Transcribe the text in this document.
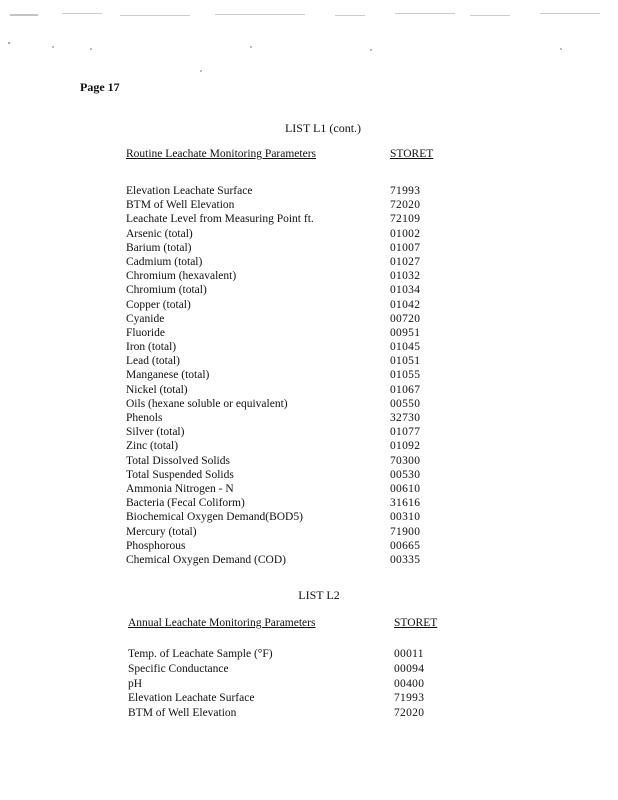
Page 17
LIST L1 (cont.)
Routine Leachate Monitoring Parameters	STORET
Elevation Leachate Surface	71993
BTM of Well Elevation	72020
Leachate Level from Measuring Point ft.	72109
Arsenic (total)	01002
Barium (total)	01007
Cadmium (total)	01027
Chromium (hexavalent)	01032
Chromium (total)	01034
Copper (total)	01042
Cyanide	00720
Fluoride	00951
Iron (total)	01045
Lead (total)	01051
Manganese (total)	01055
Nickel (total)	01067
Oils (hexane soluble or equivalent)	00550
Phenols	32730
Silver (total)	01077
Zinc (total)	01092
Total Dissolved Solids	70300
Total Suspended Solids	00530
Ammonia Nitrogen - N	00610
Bacteria (Fecal Coliform)	31616
Biochemical Oxygen Demand(BOD5)	00310
Mercury (total)	71900
Phosphorous	00665
Chemical Oxygen Demand (COD)	00335
LIST L2
Annual Leachate Monitoring Parameters	STORET
Temp. of Leachate Sample (°F)	00011
Specific Conductance	00094
pH	00400
Elevation Leachate Surface	71993
BTM of Well Elevation	72020
